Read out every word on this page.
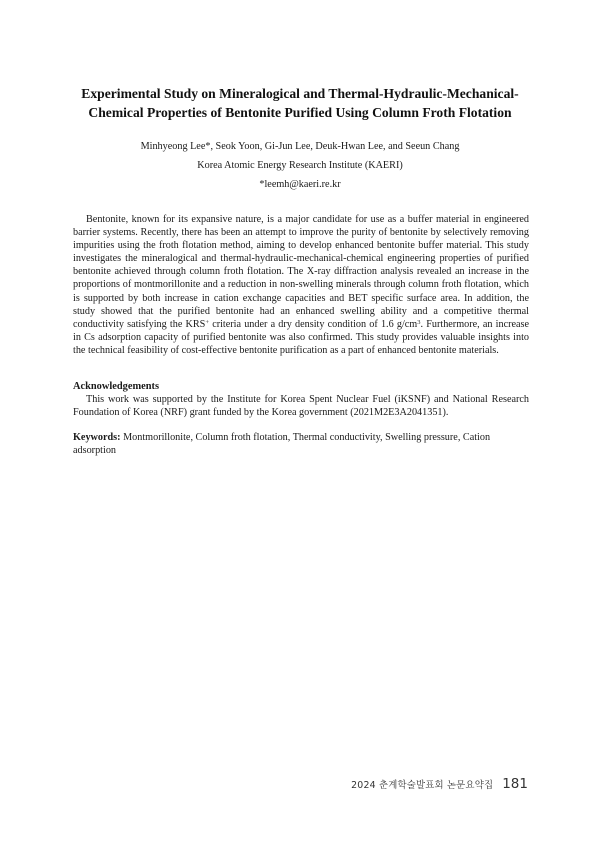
Experimental Study on Mineralogical and Thermal-Hydraulic-Mechanical-
Chemical Properties of Bentonite Purified Using Column Froth Flotation
Minhyeong Lee*, Seok Yoon, Gi-Jun Lee, Deuk-Hwan Lee, and Seeun Chang
Korea Atomic Energy Research Institute (KAERI)
*leemh@kaeri.re.kr

Bentonite, known for its expansive nature, is a major candidate for use as a buffer material in engineered barrier systems. Recently, there has been an attempt to improve the purity of bentonite by selectively removing impurities using the froth flotation method, aiming to develop enhanced bentonite buffer material. This study investigates the mineralogical and thermal-hydraulic-mechanical-chemical engineering properties of purified bentonite achieved through column froth flotation. The X-ray diffraction analysis revealed an increase in the proportions of montmorillonite and a reduction in non-swelling minerals through column froth flotation, which is supported by both increase in cation exchange capacities and BET specific surface area. In addition, the study showed that the purified bentonite had an enhanced swelling ability and a competitive thermal conductivity satisfying the KRS+ criteria under a dry density condition of 1.6 $g/cm^3$. Furthermore, an increase in Cs adsorption capacity of purified bentonite was also confirmed. This study provides valuable insights into the technical feasibility of cost-effective bentonite purification as a part of enhanced bentonite materials.

Acknowledgements

This work was supported by the Institute for Korea Spent Nuclear Fuel (iKSNF) and National Research Foundation of Korea (NRF) grant funded by the Korea government (2021M2E3A2041351).

Keywords: Montmorillonite, Column froth flotation, Thermal conductivity, Swelling pressure, Cation adsorption

2024 춘계학술발표회 논문요약집 181
